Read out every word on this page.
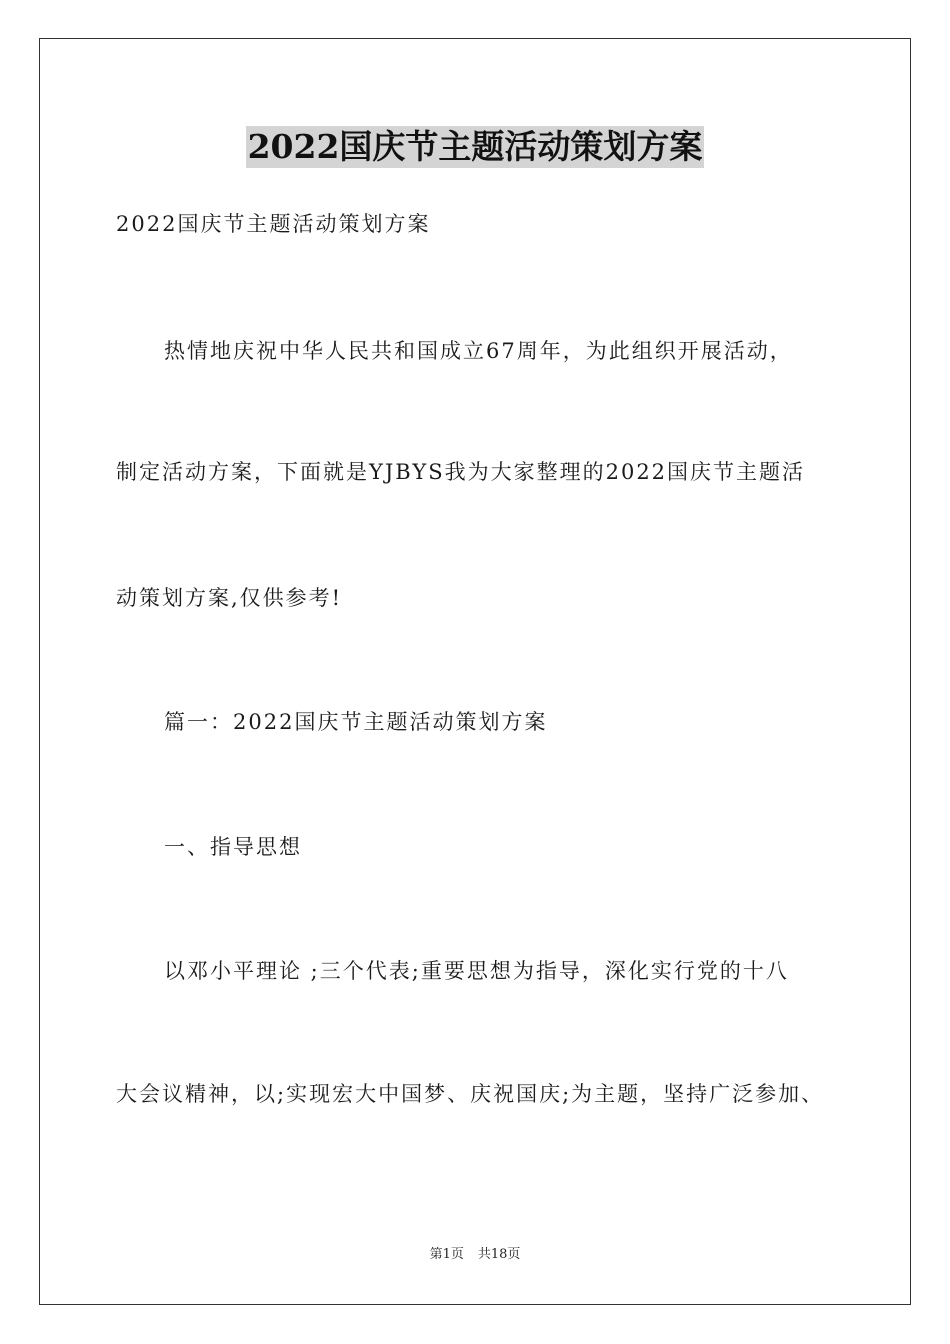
2022国庆节主题活动策划方案
2022国庆节主题活动策划方案
热情地庆祝中华人民共和国成立67周年，为此组织开展活动，
制定活动方案，下面就是YJBYS我为大家整理的2022国庆节主题活
动策划方案,仅供参考!
篇一：2022国庆节主题活动策划方案
一、指导思想
以邓小平理论 ;三个代表;重要思想为指导，深化实行党的十八
大会议精神，以;实现宏大中国梦、庆祝国庆;为主题，坚持广泛参加、
第1页 共18页
